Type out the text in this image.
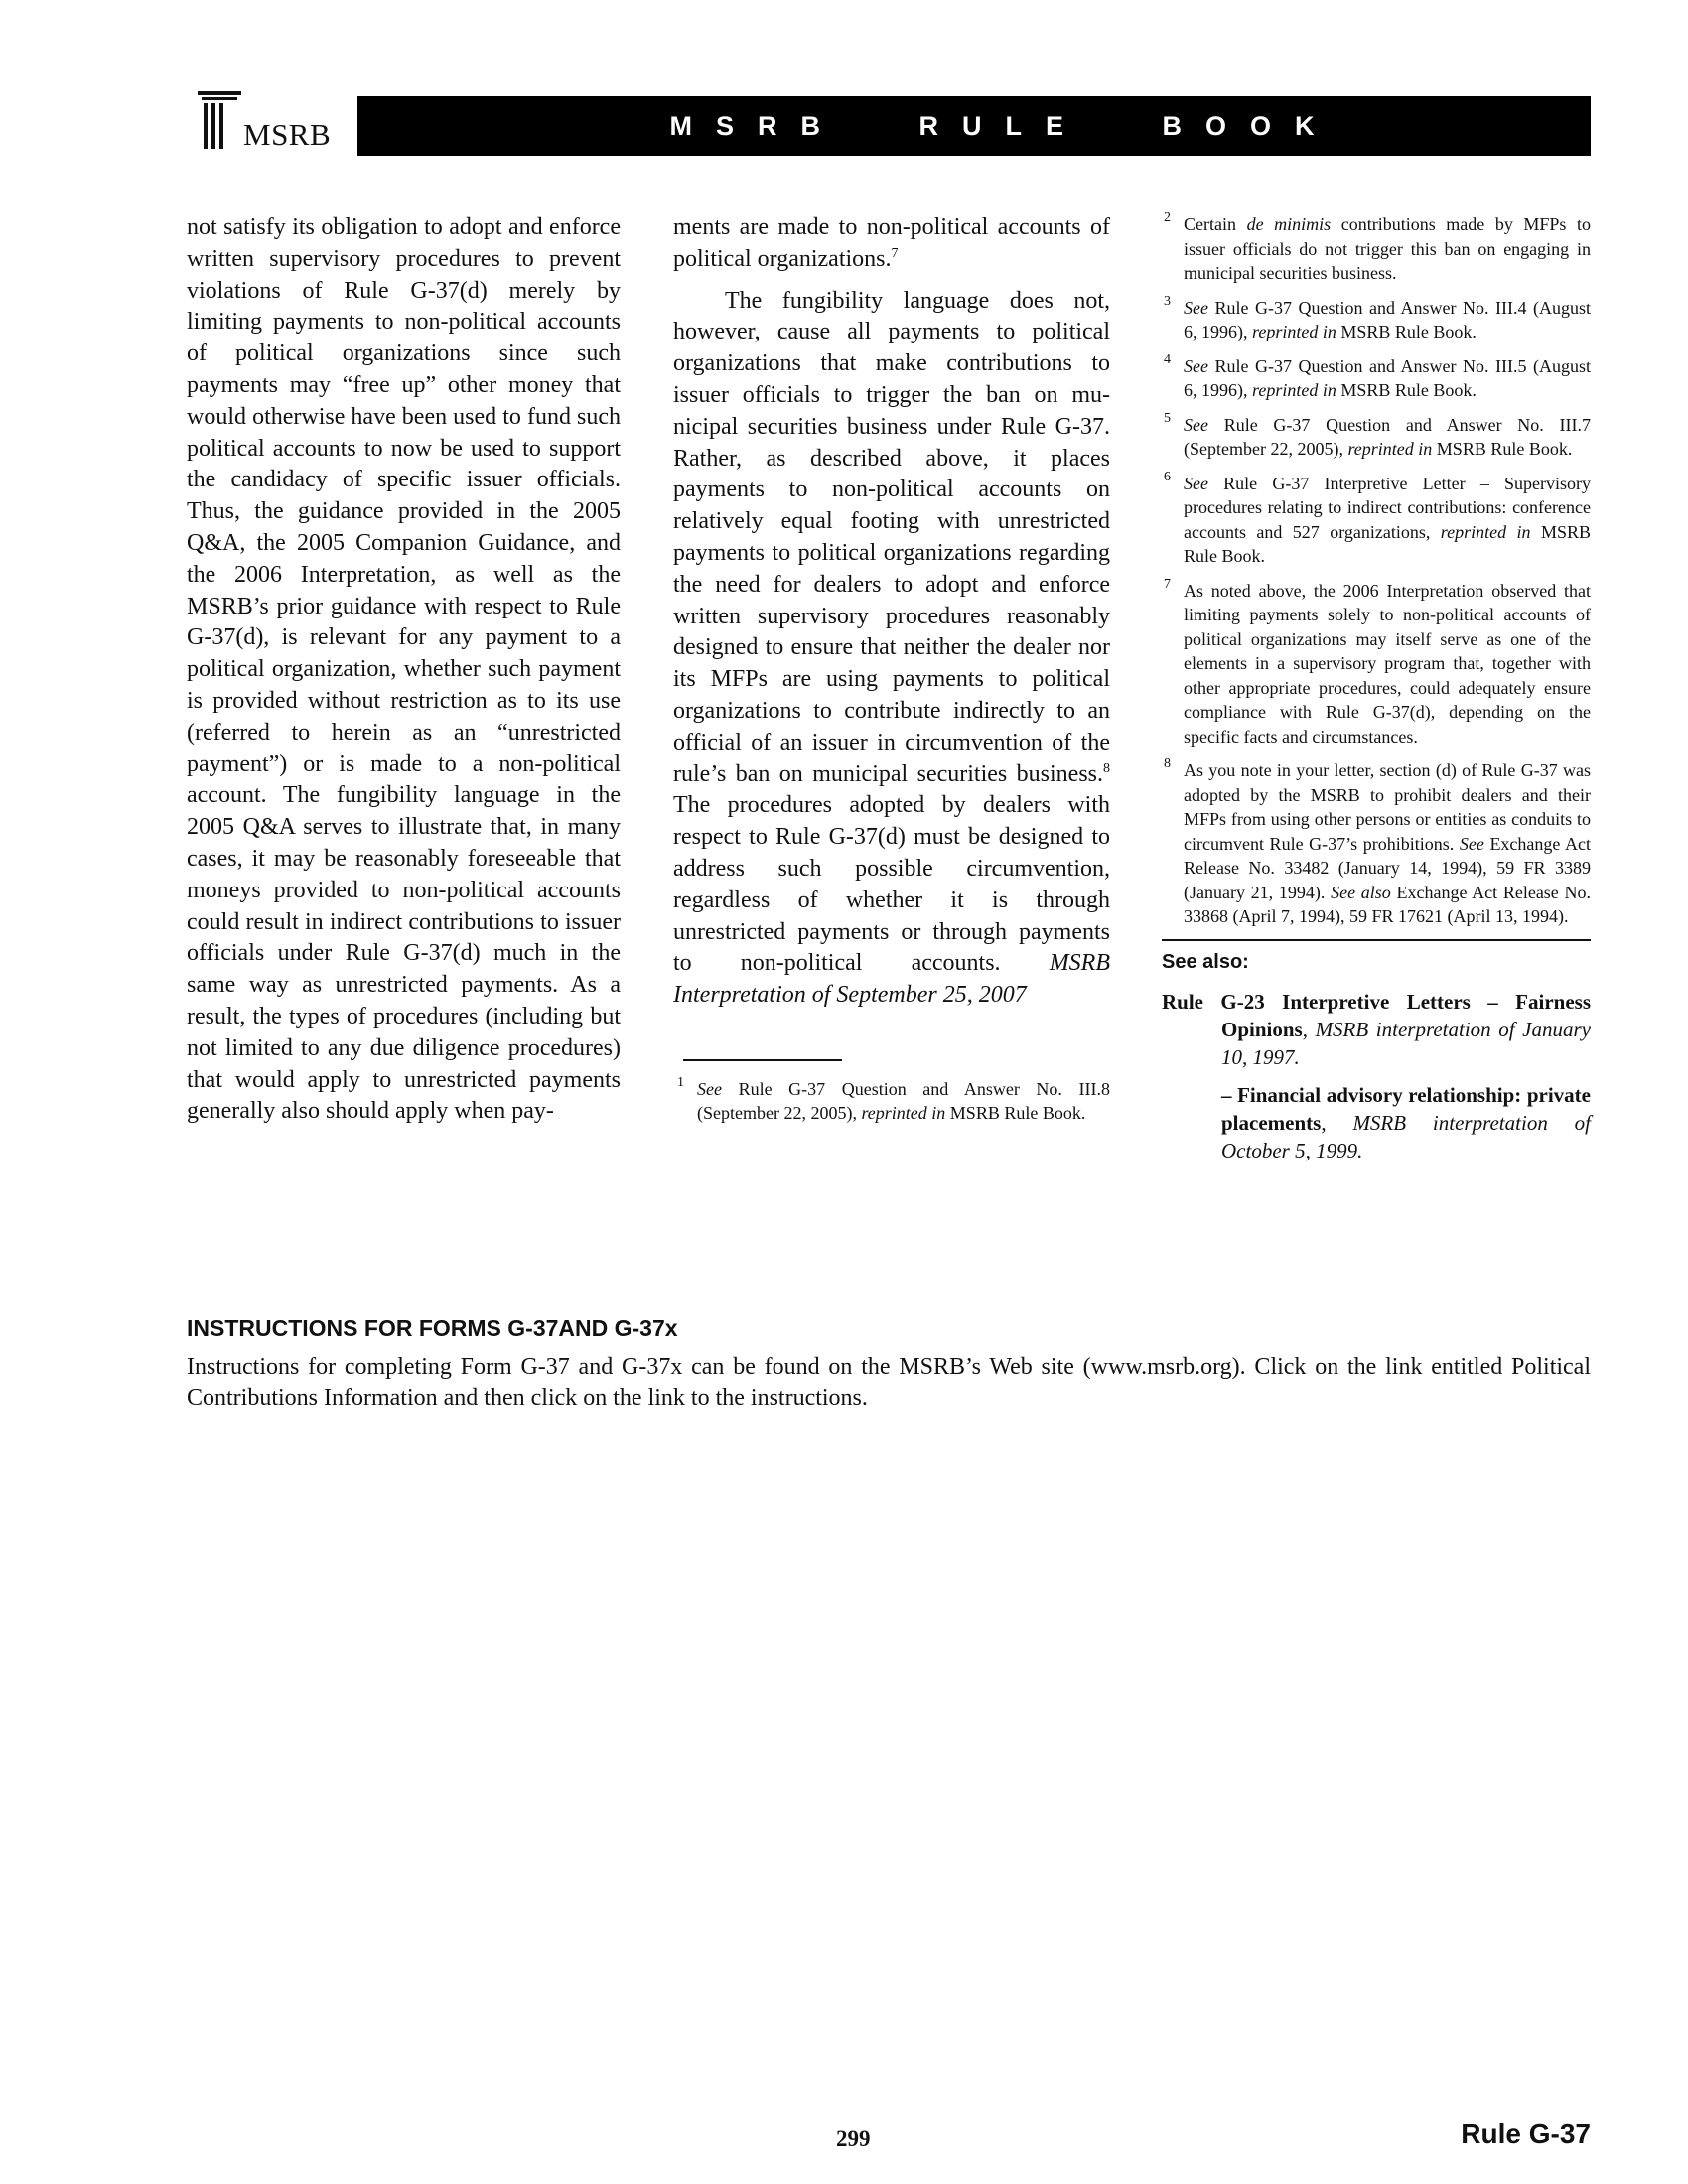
MSRB	MSRB RULE BOOK

not satisfy its obligation to adopt and enforce written supervisory procedures to prevent violations of Rule G-37(d) merely by limiting payments to non-political accounts of political organizations since such payments may “free up” other money that would otherwise have been used to fund such political accounts to now be used to support the candidacy of specific issuer officials. Thus, the guidance provided in the 2005 Q&A, the 2005 Companion Guidance, and the 2006 Interpretation, as well as the MSRB’s prior guidance with respect to Rule G-37(d), is relevant for any payment to a political organization, whether such payment is provided without restriction as to its use (referred to herein as an “unrestricted payment”) or is made to a non-political account. The fungibility language in the 2005 Q&A serves to illustrate that, in many cases, it may be reasonably foreseeable that moneys provided to non-political accounts could result in indirect contributions to issuer officials under Rule G-37(d) much in the same way as unrestricted payments. As a result, the types of procedures (including but not limited to any due diligence procedures) that would apply to unrestricted payments generally also should apply when pay-

ments are made to non-political accounts of political organizations.$^7$

The fungibility language does not, however, cause all payments to political organizations that make contributions to issuer officials to trigger the ban on municipal securities business under Rule G-37. Rather, as described above, it places payments to non-political accounts on relatively equal footing with unrestricted payments to political organizations regarding the need for dealers to adopt and enforce written supervisory procedures reasonably designed to ensure that neither the dealer nor its MFPs are using payments to political organizations to contribute indirectly to an official of an issuer in circumvention of the rule’s ban on municipal securities business.$^8$ The procedures adopted by dealers with respect to Rule G-37(d) must be designed to address such possible circumvention, regardless of whether it is through unrestricted payments or through payments to non-political accounts. MSRB Interpretation of September 25, 2007

1 See Rule G-37 Question and Answer No. III.8 (September 22, 2005), reprinted in MSRB Rule Book.

2 Certain de minimis contributions made by MFPs to issuer officials do not trigger this ban on engaging in municipal securities business.

3 See Rule G-37 Question and Answer No. III.4 (August 6, 1996), reprinted in MSRB Rule Book.

4 See Rule G-37 Question and Answer No. III.5 (August 6, 1996), reprinted in MSRB Rule Book.

5 See Rule G-37 Question and Answer No. III.7 (September 22, 2005), reprinted in MSRB Rule Book.

6 See Rule G-37 Interpretive Letter – Supervisory procedures relating to indirect contributions: conference accounts and 527 organizations, reprinted in MSRB Rule Book.

7 As noted above, the 2006 Interpretation observed that limiting payments solely to non-political accounts of political organizations may itself serve as one of the elements in a supervisory program that, together with other appropriate procedures, could adequately ensure compliance with Rule G-37(d), depending on the specific facts and circumstances.

8 As you note in your letter, section (d) of Rule G-37 was adopted by the MSRB to prohibit dealers and their MFPs from using other persons or entities as conduits to circumvent Rule G-37’s prohibitions. See Exchange Act Release No. 33482 (January 14, 1994), 59 FR 3389 (January 21, 1994). See also Exchange Act Release No. 33868 (April 7, 1994), 59 FR 17621 (April 13, 1994).

See also:

Rule G-23 Interpretive Letters – Fairness Opinions, MSRB interpretation of January 10, 1997.

– Financial advisory relationship: private placements, MSRB interpretation of October 5, 1999.

INSTRUCTIONS FOR FORMS G-37AND G-37x

Instructions for completing Form G-37 and G-37x can be found on the MSRB’s Web site (www.msrb.org). Click on the link entitled Political Contributions Information and then click on the link to the instructions.

299	Rule G-37
